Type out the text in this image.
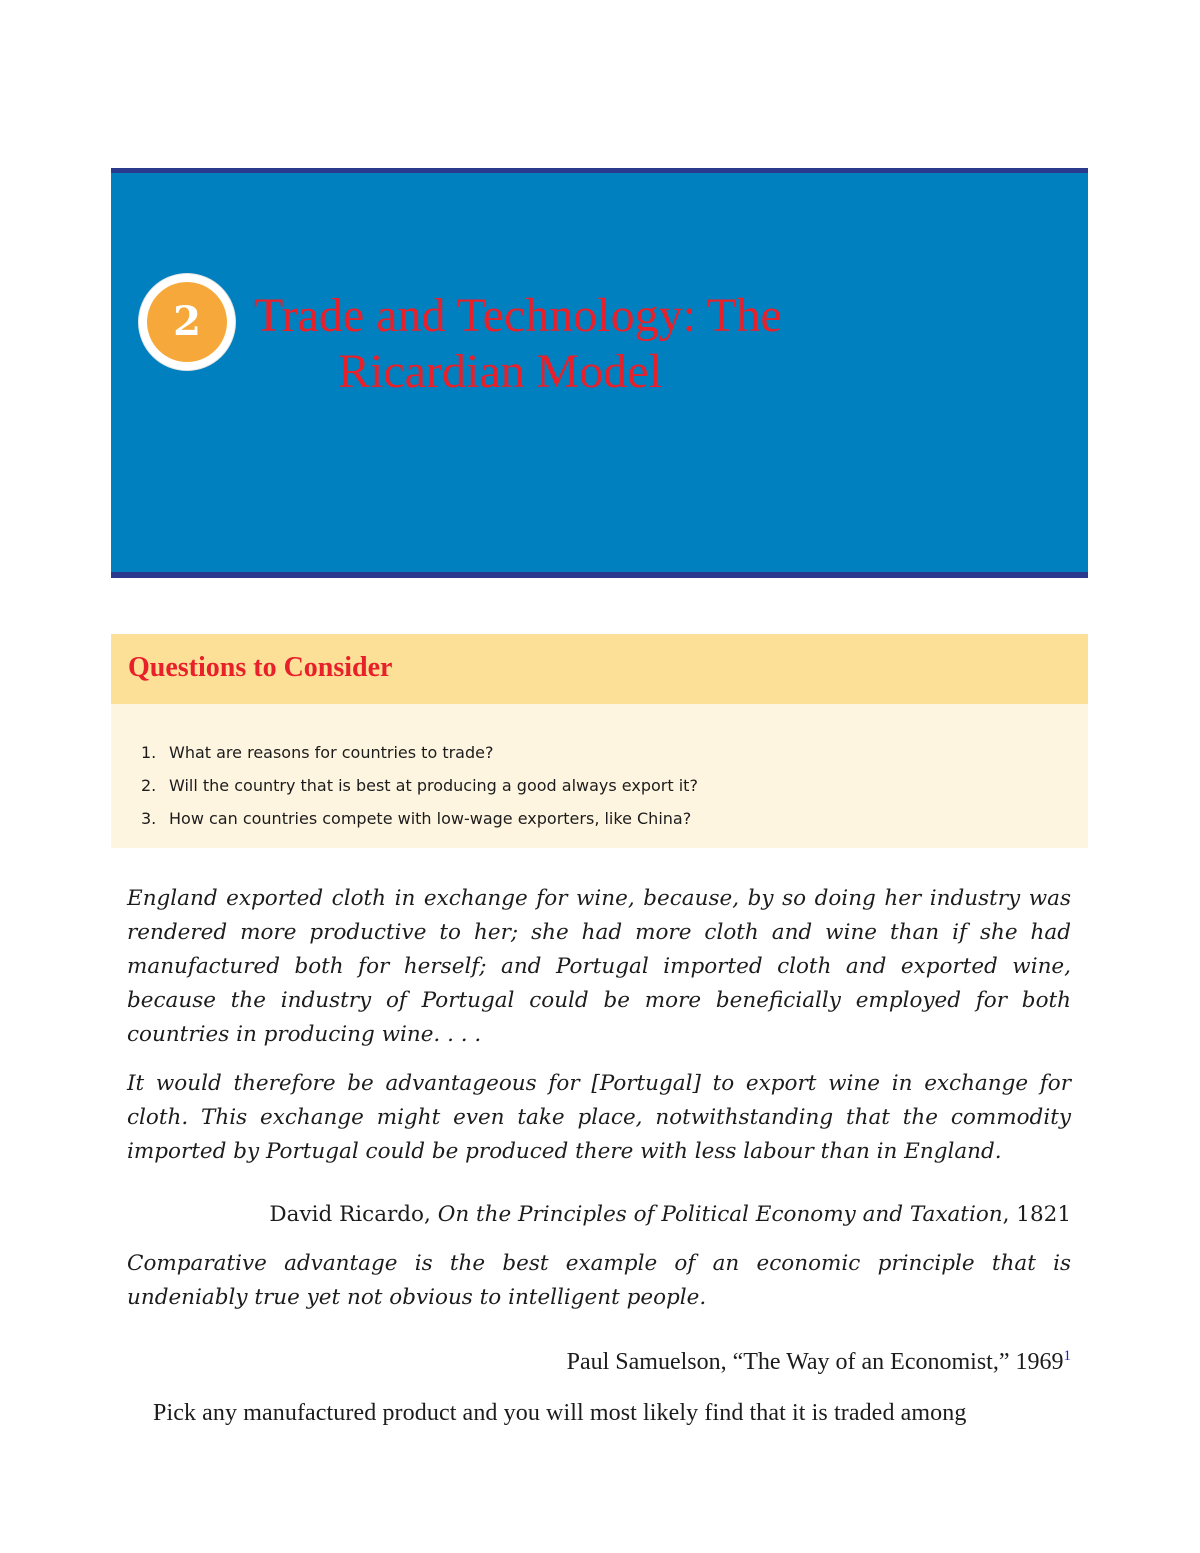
2	Trade and Technology: The
Ricardian Model
Questions to Consider
1. What are reasons for countries to trade?
2. Will the country that is best at producing a good always export it?
3. How can countries compete with low-wage exporters, like China?

England exported cloth in exchange for wine, because, by so doing her industry was rendered more productive to her; she had more cloth and wine than if she had manufactured both for herself; and Portugal imported cloth and exported wine, because the industry of Portugal could be more beneficially employed for both countries in producing wine. . . .

It would therefore be advantageous for [Portugal] to export wine in exchange for cloth. This exchange might even take place, notwithstanding that the commodity imported by Portugal could be produced there with less labour than in England.

David Ricardo, On the Principles of Political Economy and Taxation, 1821

Comparative advantage is the best example of an economic principle that is undeniably true yet not obvious to intelligent people.

Paul Samuelson, “The Way of an Economist,” 1969$^1$

Pick any manufactured product and you will most likely find that it is traded among
